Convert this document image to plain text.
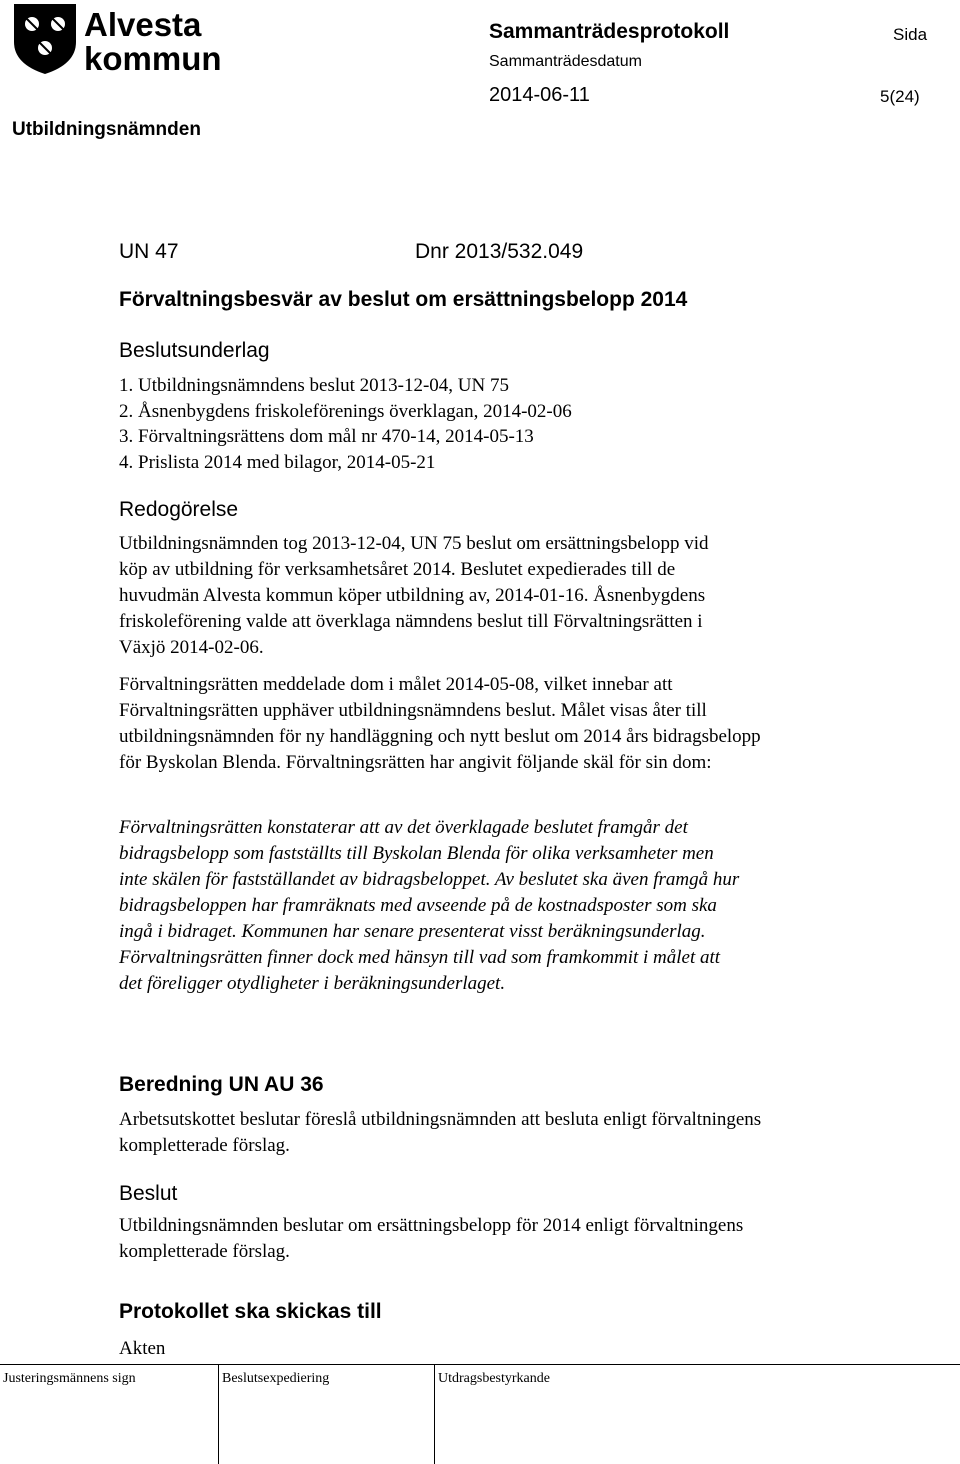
Alvesta
kommun
Sammanträdesprotokoll	Sida
Sammanträdesdatum
2014-06-11	5(24)
Utbildningsnämnden
UN 47	Dnr 2013/532.049
Förvaltningsbesvär av beslut om ersättningsbelopp 2014
Beslutsunderlag
1. Utbildningsnämndens beslut 2013-12-04, UN 75
2. Åsnenbygdens friskoleförenings överklagan, 2014-02-06
3. Förvaltningsrättens dom mål nr 470-14, 2014-05-13
4. Prislista 2014 med bilagor, 2014-05-21
Redogörelse

Utbildningsnämnden tog 2013-12-04, UN 75 beslut om ersättningsbelopp vid köp av utbildning för verksamhetsåret 2014. Beslutet expedierades till de huvudmän Alvesta kommun köper utbildning av, 2014-01-16. Åsnenbygdens friskoleförening valde att överklaga nämndens beslut till Förvaltningsrätten i Växjö 2014-02-06.

Förvaltningsrätten meddelade dom i målet 2014-05-08, vilket innebar att Förvaltningsrätten upphäver utbildningsnämndens beslut. Målet visas åter till utbildningsnämnden för ny handläggning och nytt beslut om 2014 års bidragsbelopp för Byskolan Blenda. Förvaltningsrätten har angivit följande skäl för sin dom:

Förvaltningsrätten konstaterar att av det överklagade beslutet framgår det bidragsbelopp som fastställts till Byskolan Blenda för olika verksamheter men inte skälen för fastställandet av bidragsbeloppet. Av beslutet ska även framgå hur bidragsbeloppen har framräknats med avseende på de kostnadsposter som ska ingå i bidraget. Kommunen har senare presenterat visst beräkningsunderlag. Förvaltningsrätten finner dock med hänsyn till vad som framkommit i målet att det föreligger otydligheter i beräkningsunderlaget.

Beredning UN AU 36

Arbetsutskottet beslutar föreslå utbildningsnämnden att besluta enligt förvaltningens kompletterade förslag.

Beslut

Utbildningsnämnden beslutar om ersättningsbelopp för 2014 enligt förvaltningens kompletterade förslag.

Protokollet ska skickas till
Akten
Justeringsmännens sign	Beslutsexpediering	Utdragsbestyrkande
